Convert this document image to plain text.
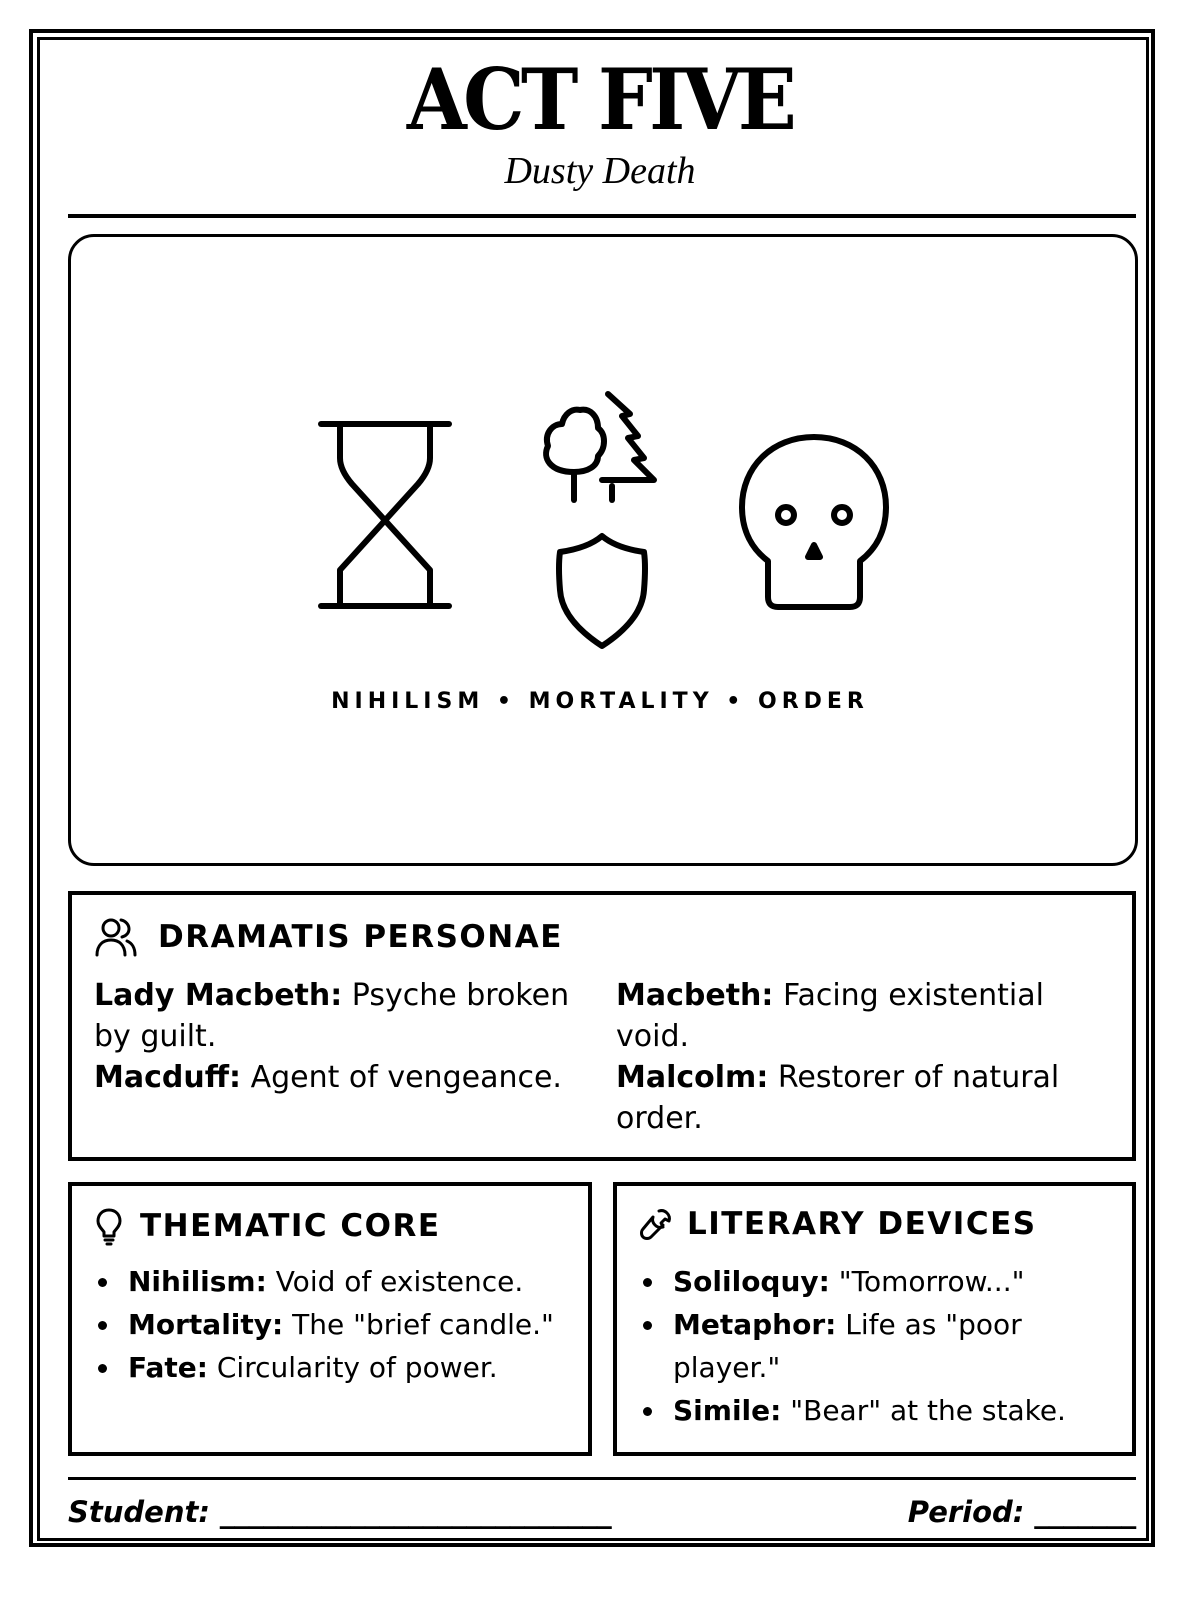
ACT FIVE
Dusty Death
NIHILISM • MORTALITY • ORDER
DRAMATIS PERSONAE
Lady Macbeth: Psyche broken by guilt.
Macbeth: Facing existential void.
Macduff: Agent of vengeance.	Malcolm: Restorer of natural order.
THEMATIC CORE
Nihilism: Void of existence.
Mortality: The "brief candle."
Fate: Circularity of power.
LITERARY DEVICES
Soliloquy: "Tomorrow..."
Metaphor: Life as "poor player."
Simile: "Bear" at the stake.
Student: ___________________________	Period: _______
